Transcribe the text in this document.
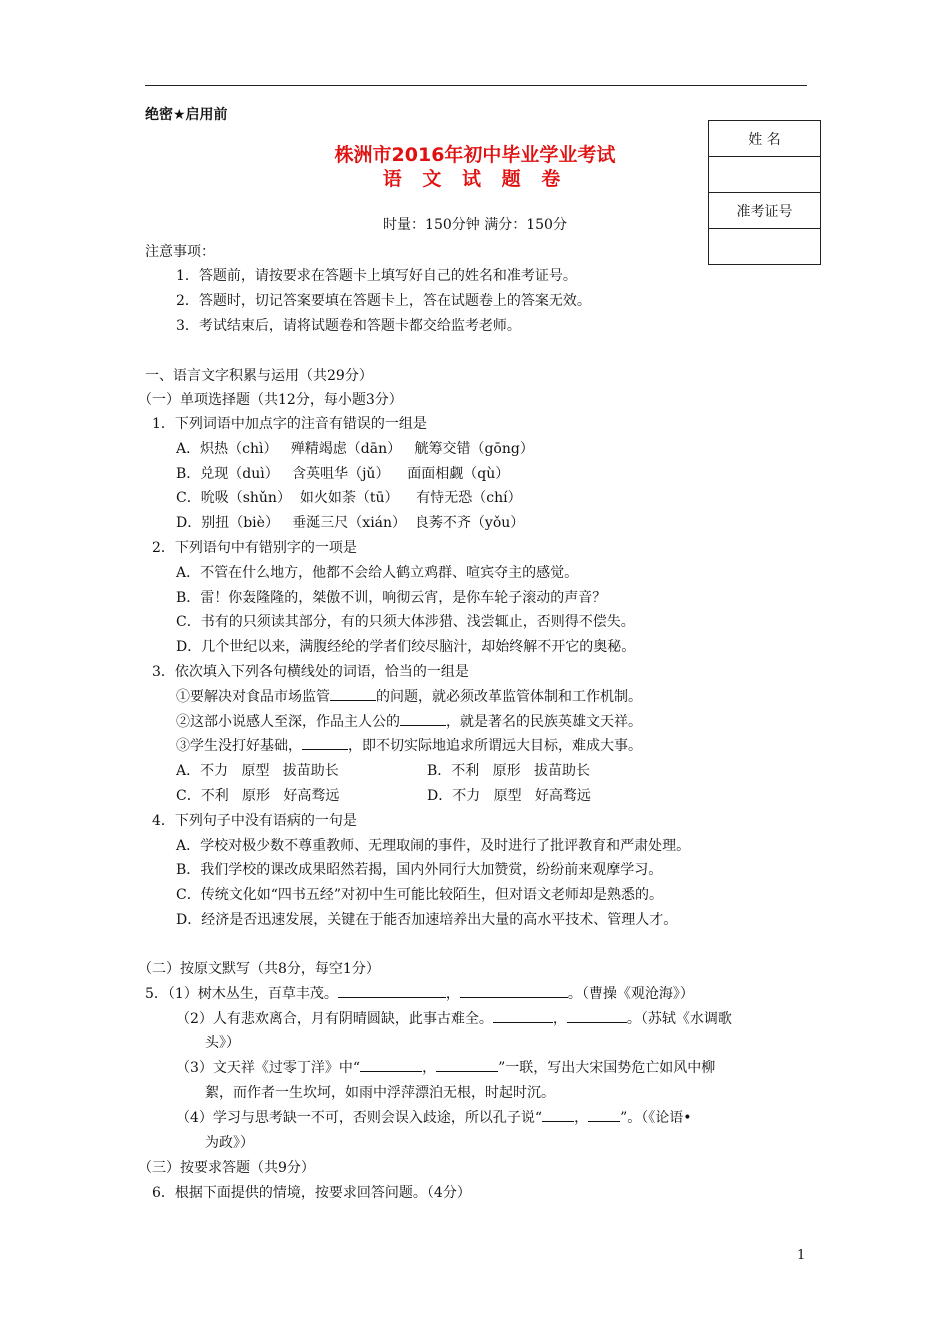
绝密★启用前
株洲市2016年初中毕业学业考试
语 文 试 题 卷
时量：150分钟 满分：150分
姓 名

准考证号

注意事项：
1．答题前，请按要求在答题卡上填写好自己的姓名和准考证号。
2．答题时，切记答案要填在答题卡上，答在试题卷上的答案无效。
3．考试结束后，请将试题卷和答题卡都交给监考老师。
一、语言文字积累与运用（共29分）
（一）单项选择题（共12分，每小题3分）
1．下列词语中加点字的注音有错误的一组是
A．炽热（chì）   殚精竭虑（dān）   觥筹交错（gōng）
B．兑现（duì）   含英咀华（jǔ）    面面相觑（qù）
C．吮吸（shǔn）  如火如荼（tū）    有恃无恐（chí）
D．别扭（biè）   垂涎三尺（xián）  良莠不齐（yǒu）
2．下列语句中有错别字的一项是
A．不管在什么地方，他都不会给人鹤立鸡群、喧宾夺主的感觉。
B．雷！你轰隆隆的，桀傲不训，响彻云宵，是你车轮子滚动的声音？
C．书有的只须读其部分，有的只须大体涉猎、浅尝辄止，否则得不偿失。
D．几个世纪以来，满腹经纶的学者们绞尽脑汁，却始终解不开它的奥秘。
3．依次填入下列各句横线处的词语，恰当的一组是
①要解决对食品市场监管	的问题，就必须改革监管体制和工作机制。
②这部小说感人至深，作品主人公的	，就是著名的民族英雄文天祥。
③学生没打好基础，	，即不切实际地追求所谓远大目标，难成大事。
A．不力   原型   拔苗助长	B．不利   原形   拔苗助长
C．不利   原形   好高骛远	D．不力   原型   好高骛远
4．下列句子中没有语病的一句是
A．学校对极少数不尊重教师、无理取闹的事件，及时进行了批评教育和严肃处理。
B．我们学校的课改成果昭然若揭，国内外同行大加赞赏，纷纷前来观摩学习。
C．传统文化如“四书五经”对初中生可能比较陌生，但对语文老师却是熟悉的。
D．经济是否迅速发展，关键在于能否加速培养出大量的高水平技术、管理人才。
（二）按原文默写（共8分，每空1分）
5．（1）树木丛生，百草丰茂。	，	。（曹操《观沧海》）
（2）人有悲欢离合，月有阴晴圆缺，此事古难全。	，	。（苏轼《水调歌
头》）
（3）文天祥《过零丁洋》中“	，	”一联，写出大宋国势危亡如风中柳
絮，而作者一生坎坷，如雨中浮萍漂泊无根，时起时沉。
（4）学习与思考缺一不可，否则会误入歧途，所以孔子说“ ， ”。（《论语•
为政》）
（三）按要求答题（共9分）
6．根据下面提供的情境，按要求回答问题。（4分）
1
